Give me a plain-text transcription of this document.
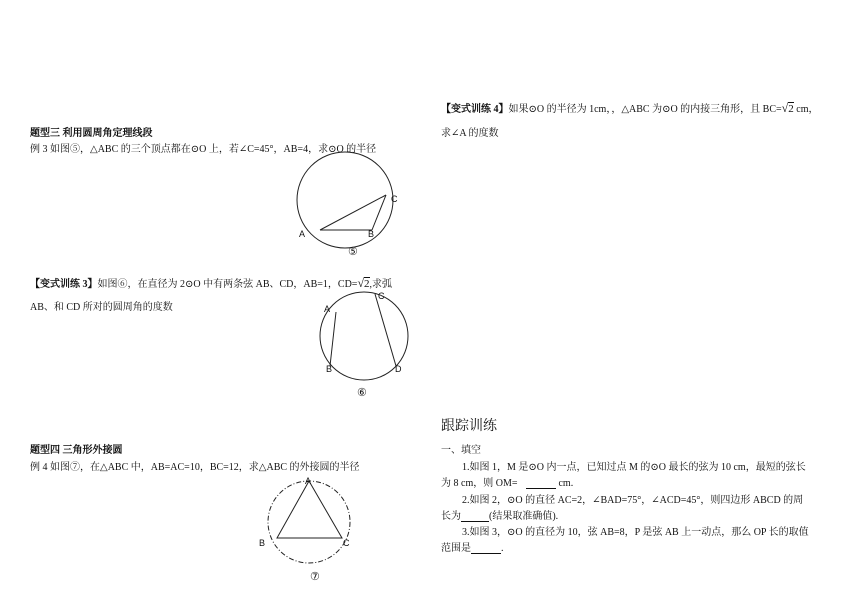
题型三 利用圆周角定理线段
例 3 如图⑤，△ABC 的三个顶点都在⊙O 上，若∠C=45°，AB=4，求⊙O 的半径
A	B
C
⑤
【变式训练 3】如图⑥，在直径为 2⊙O 中有两条弦 AB、CD，AB=1，CD=√2,求弧
AB、和 CD 所对的圆周角的度数	A
B
C
D
⑥
题型四 三角形外接圆
例 4 如图⑦，在△ABC 中，AB=AC=10，BC=12，求△ABC 的外接圆的半径
A
B	C
⑦
【变式训练 4】如果⊙O 的半径为 1cm，，△ABC 为⊙O 的内接三角形，且 BC=√2 cm，
求∠A 的度数
跟踪训练
一、填空
1.如图 1，M 是⊙O 内一点，已知过点 M 的⊙O 最长的弦为 10 cm，最短的弦长
为 8 cm，则 OM=	cm.
2.如图 2，⊙O 的直径 AC=2，∠BAD=75°，∠ACD=45°，则四边形 ABCD 的周
长为	(结果取准确值).
3.如图 3，⊙O 的直径为 10，弦 AB=8，P 是弦 AB 上一动点，那么 OP 长的取值
范围是	.
